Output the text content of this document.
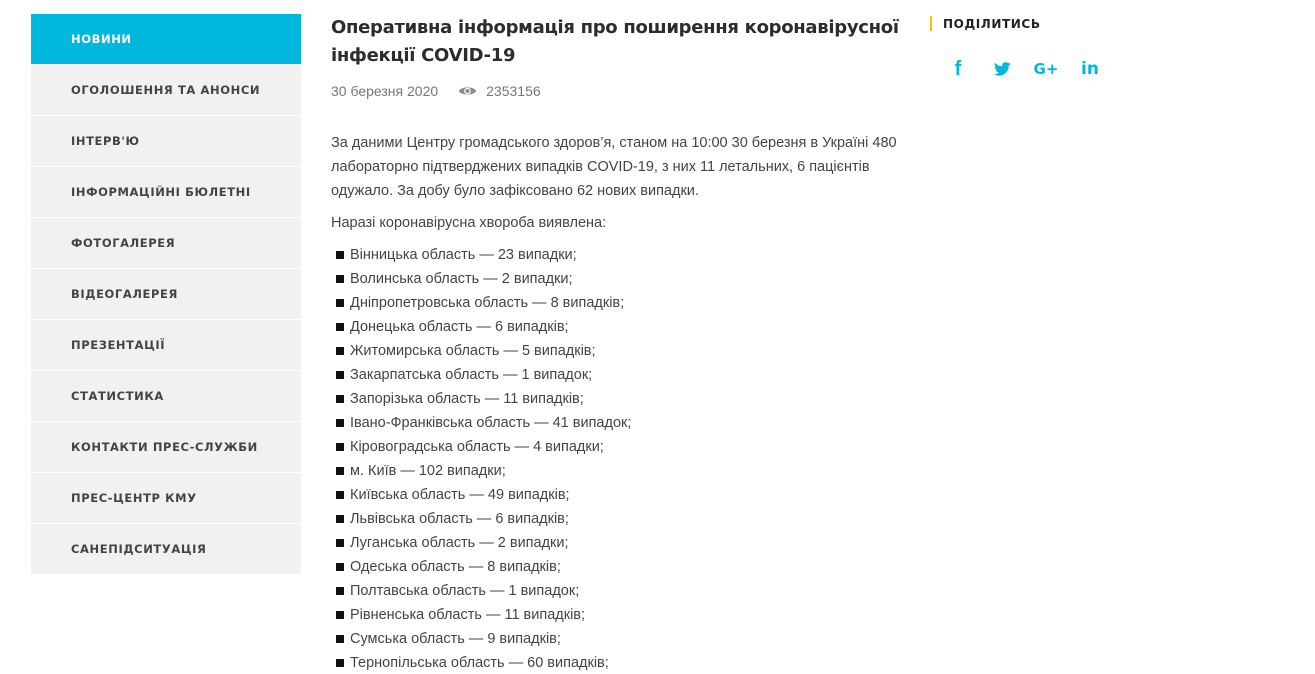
НОВИНИ
ОГОЛОШЕННЯ ТА АНОНСИ
ІНТЕРВ'Ю
ІНФОРМАЦІЙНІ БЮЛЕТНІ
ФОТОГАЛЕРЕЯ
ВІДЕОГАЛЕРЕЯ
ПРЕЗЕНТАЦІЇ
СТАТИСТИКА
КОНТАКТИ ПРЕС-СЛУЖБИ
ПРЕС-ЦЕНТР КМУ
САНЕПІДСИТУАЦІЯ
Оперативна інформація про поширення коронавірусної інфекції COVID-19
30 березня 2020	2353156

За даними Центру громадського здоров’я, станом на 10:00 30 березня в Україні 480 лабораторно підтверджених випадків COVID-19, з них 11 летальних, 6 пацієнтів одужало. За добу було зафіксовано 62 нових випадки.

Наразі коронавірусна хвороба виявлена:

Вінницька область — 23 випадки;
Волинська область — 2 випадки;
Дніпропетровська область — 8 випадків;
Донецька область — 6 випадків;
Житомирська область — 5 випадків;
Закарпатська область — 1 випадок;
Запорізька область — 11 випадків;
Івано-Франківська область — 41 випадок;
Кіровоградська область — 4 випадки;
м. Київ — 102 випадки;
Київська область — 49 випадків;
Львівська область — 6 випадків;
Луганська область — 2 випадки;
Одеська область — 8 випадків;
Полтавська область — 1 випадок;
Рівненська область — 11 випадків;
Сумська область — 9 випадків;
Тернопільська область — 60 випадків;
ПОДІЛИТИСЬ
f	G+ in
